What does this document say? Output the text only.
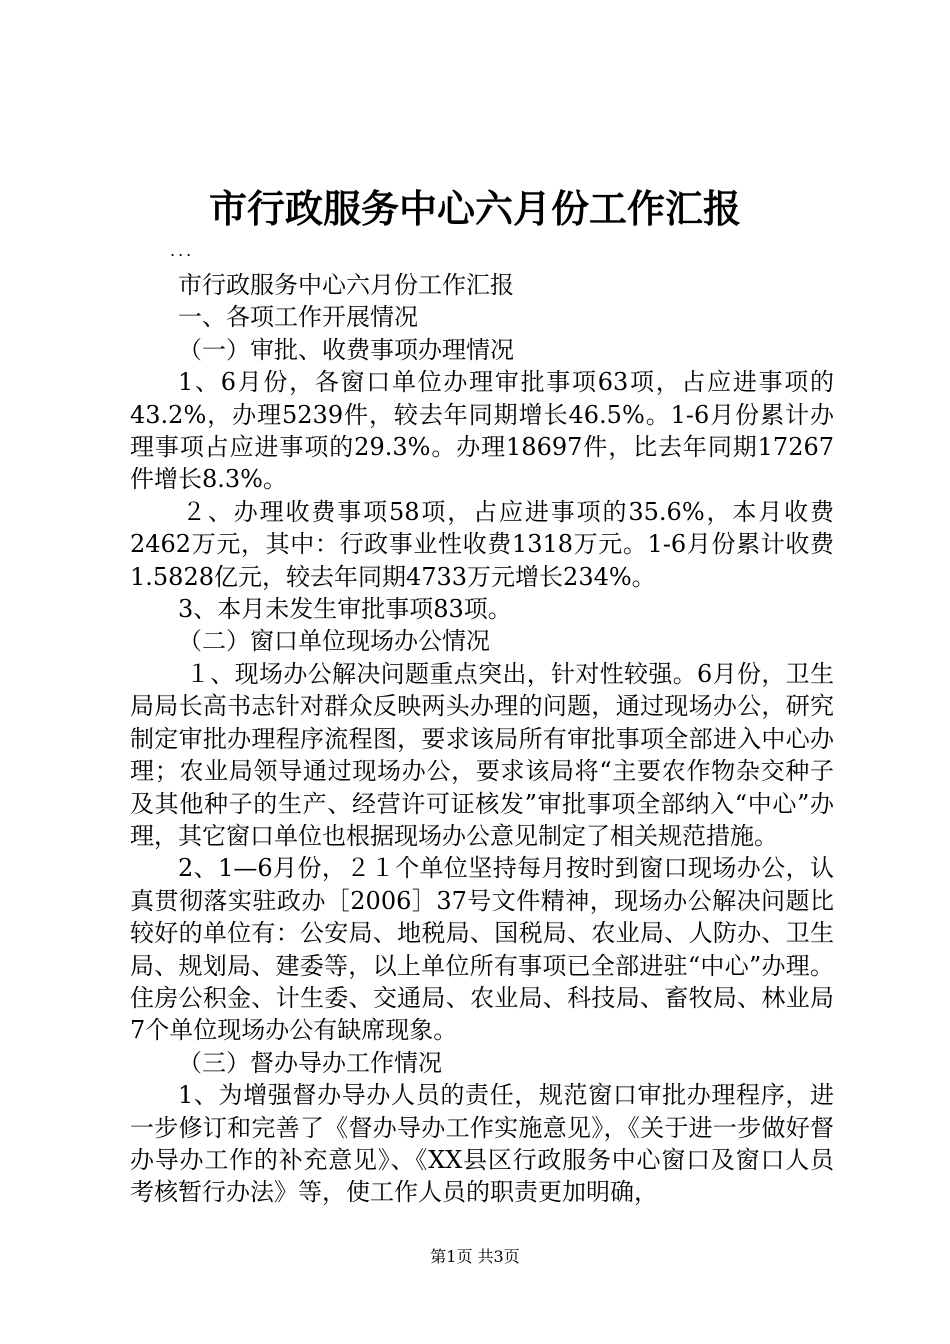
市行政服务中心六月份工作汇报

...

市行政服务中心六月份工作汇报

一、各项工作开展情况

（一）审批、收费事项办理情况

1、6月份，各窗口单位办理审批事项63项，占应进事项的43.2%，办理5239件，较去年同期增长46.5%。1-6月份累计办理事项占应进事项的29.3%。办理18697件，比去年同期17267件增长8.3%。

２、办理收费事项58项，占应进事项的35.6%，本月收费2462万元，其中：行政事业性收费1318万元。1-6月份累计收费1.5828亿元，较去年同期4733万元增长234%。

3、本月未发生审批事项83项。

（二）窗口单位现场办公情况

１、现场办公解决问题重点突出，针对性较强。6月份，卫生局局长高书志针对群众反映两头办理的问题，通过现场办公，研究制定审批办理程序流程图，要求该局所有审批事项全部进入中心办理；农业局领导通过现场办公，要求该局将“主要农作物杂交种子及其他种子的生产、经营许可证核发”审批事项全部纳入“中心”办理，其它窗口单位也根据现场办公意见制定了相关规范措施。

2、1—6月份，２１个单位坚持每月按时到窗口现场办公，认真贯彻落实驻政办［2006］37号文件精神，现场办公解决问题比较好的单位有：公安局、地税局、国税局、农业局、人防办、卫生局、规划局、建委等，以上单位所有事项已全部进驻“中心”办理。住房公积金、计生委、交通局、农业局、科技局、畜牧局、林业局7个单位现场办公有缺席现象。

（三）督办导办工作情况

1、为增强督办导办人员的责任，规范窗口审批办理程序，进一步修订和完善了《督办导办工作实施意见》，《关于进一步做好督办导办工作的补充意见》、《XX县区行政服务中心窗口及窗口人员考核暂行办法》等，使工作人员的职责更加明确，

第1页 共3页
